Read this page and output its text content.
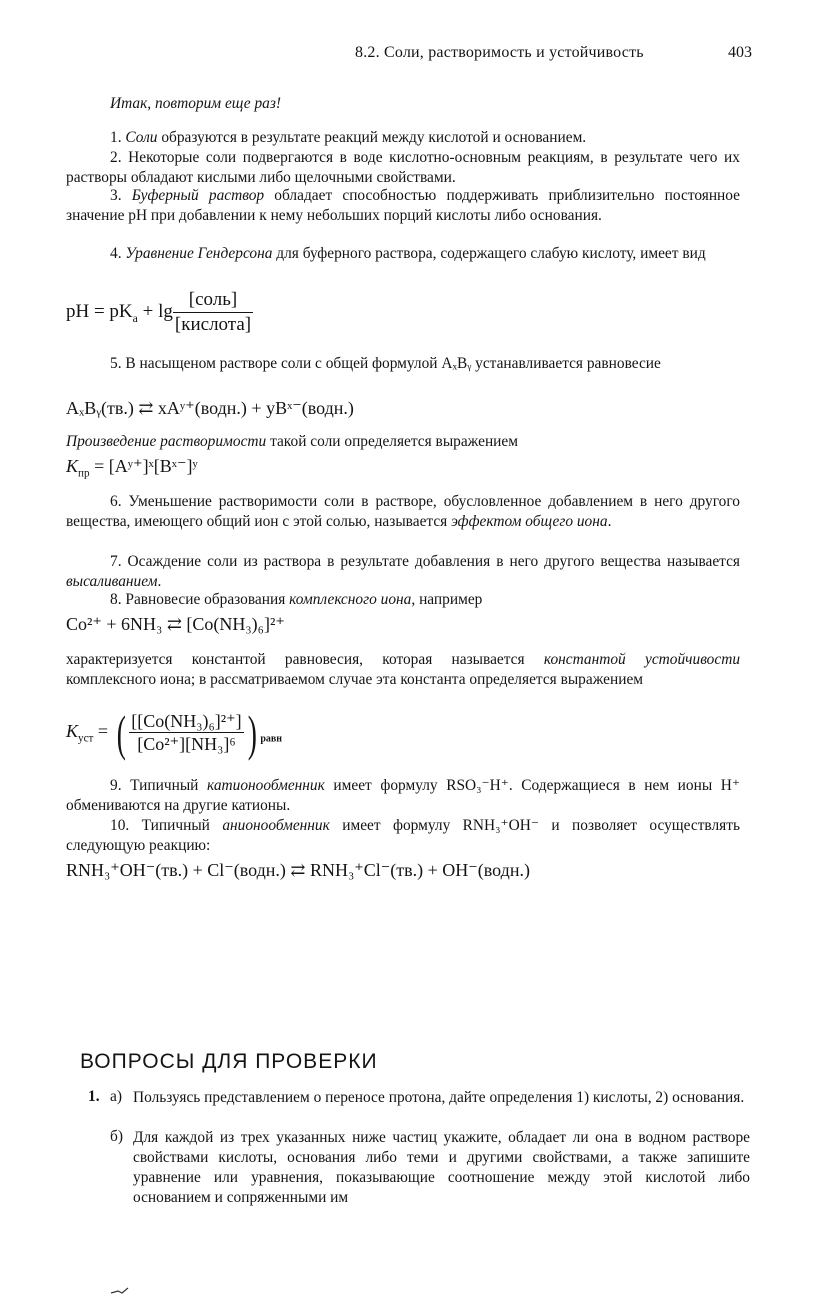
8.2. Соли, растворимость и устойчивость	403
Итак, повторим еще раз!
1. Соли образуются в результате реакций между кислотой и основанием.
2. Некоторые соли подвергаются в воде кислотно-основным реакциям, в результате чего их растворы обладают кислыми либо щелочными свойствами.
3. Буферный раствор обладает способностью поддерживать приблизительно постоянное значение pH при добавлении к нему небольших порций кислоты либо основания.
4. Уравнение Гендерсона для буферного раствора, содержащего слабую кислоту, имеет вид
pH = $pK_a + \lg \frac{\text{[соль]}}{\text{[кислота]}}$
5. В насыщеном растворе соли с общей формулой AₓBᵧ устанавливается равновесие
AₓBᵧ(тв.) ⇄ xAʸ⁺(водн.) + yBˣ⁻(водн.)
Произведение растворимости такой соли определяется выражением
$K_{пр}$ = [Aʸ⁺]ˣ[Bˣ⁻]ʸ
6. Уменьшение растворимости соли в растворе, обусловленное добавлением в него другого вещества, имеющего общий ион с этой солью, называется эффектом общего иона.
7. Осаждение соли из раствора в результате добавления в него другого вещества называется высаливанием.
8. Равновесие образования комплексного иона, например
Co²⁺ + 6NH₃ ⇄ [Co(NH₃)₆]²⁺
характеризуется константой равновесия, которая называется константой устойчивости комплексного иона; в рассматриваемом случае эта константа определяется выражением
$K_{уст}$ = ( $\frac{\text{[[Co(NH₃)₆]²⁺]}}{\text{[Co²⁺][NH₃]⁶}}$ ) $_{равн}$
9. Типичный катионообменник имеет формулу RSO₃⁻H⁺. Содержащиеся в нем ионы H⁺ обмениваются на другие катионы.
10. Типичный анионообменник имеет формулу RNH₃⁺OH⁻ и позволяет осуществлять следующую реакцию:
RNH₃⁺OH⁻(тв.) + Cl⁻(водн.) ⇄ RNH₃⁺Cl⁻(тв.) + OH⁻(водн.)
ВОПРОСЫ ДЛЯ ПРОВЕРКИ
1. а) Пользуясь представлением о переносе протона, дайте определения 1) кислоты, 2) основания.
б) Для каждой из трех указанных ниже частиц укажите, обладает ли она в водном растворе свойствами кислоты, основания либо теми и другими свойствами, а также запишите уравнение или уравнения, показывающие соотношение между этой кислотой либо основанием и сопряженными им
